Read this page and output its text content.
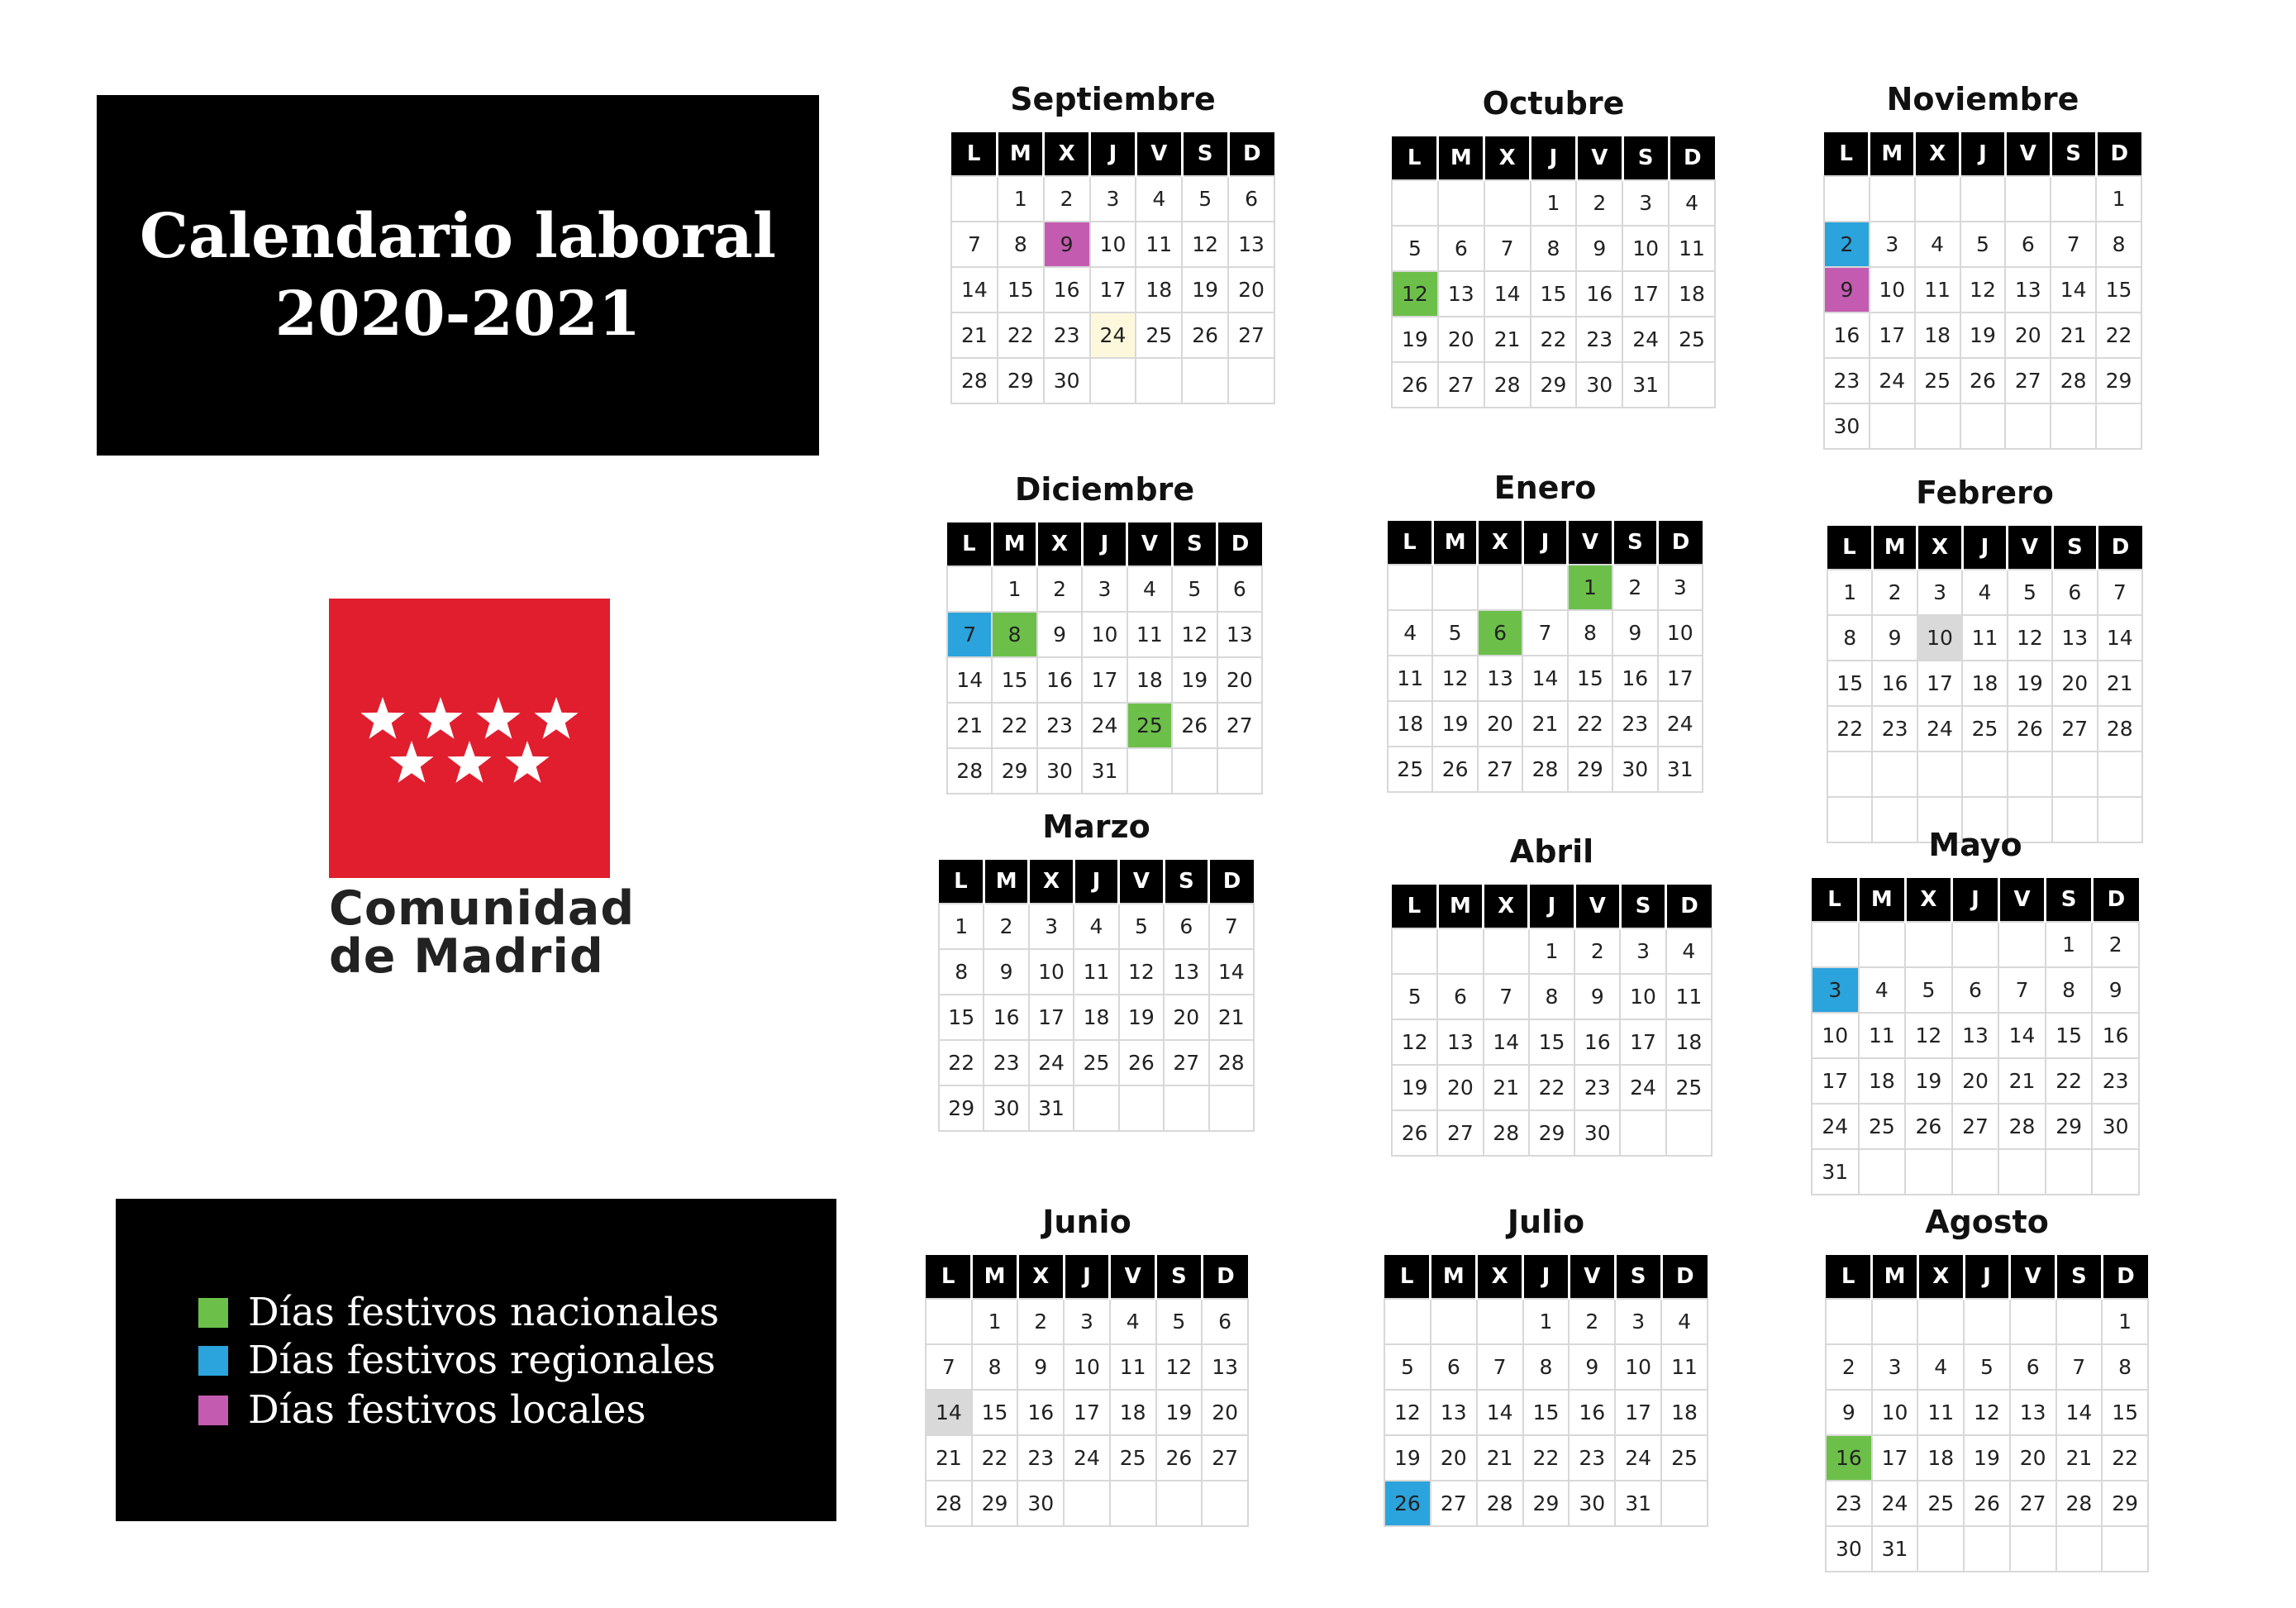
Calendario laboral
2020-2021
Comunidad
de Madrid
Días festivos nacionales
Días festivos regionales
Días festivos locales
Septiembre
L	M	X	J	V	S	D
	1	2	3	4	5	6
7	8	9	10	11	12	13
14	15	16	17	18	19	20
21	22	23	24	25	26	27
28	29	30				
Octubre
L	M	X	J	V	S	D
			1	2	3	4
5	6	7	8	9	10	11
12	13	14	15	16	17	18
19	20	21	22	23	24	25
26	27	28	29	30	31	
Noviembre
L	M	X	J	V	S	D
						1
2	3	4	5	6	7	8
9	10	11	12	13	14	15
16	17	18	19	20	21	22
23	24	25	26	27	28	29
30						
Diciembre
L	M	X	J	V	S	D
	1	2	3	4	5	6
7	8	9	10	11	12	13
14	15	16	17	18	19	20
21	22	23	24	25	26	27
28	29	30	31			
Enero
L	M	X	J	V	S	D
				1	2	3
4	5	6	7	8	9	10
11	12	13	14	15	16	17
18	19	20	21	22	23	24
25	26	27	28	29	30	31
Febrero
L	M	X	J	V	S	D
1	2	3	4	5	6	7
8	9	10	11	12	13	14
15	16	17	18	19	20	21
22	23	24	25	26	27	28

Marzo
L	M	X	J	V	S	D
1	2	3	4	5	6	7
8	9	10	11	12	13	14
15	16	17	18	19	20	21
22	23	24	25	26	27	28
29	30	31				
Abril
L	M	X	J	V	S	D
			1	2	3	4
5	6	7	8	9	10	11
12	13	14	15	16	17	18
19	20	21	22	23	24	25
26	27	28	29	30		
Mayo
L	M	X	J	V	S	D
					1	2
3	4	5	6	7	8	9
10	11	12	13	14	15	16
17	18	19	20	21	22	23
24	25	26	27	28	29	30
31						
Junio
L	M	X	J	V	S	D
	1	2	3	4	5	6
7	8	9	10	11	12	13
14	15	16	17	18	19	20
21	22	23	24	25	26	27
28	29	30				
Julio
L	M	X	J	V	S	D
			1	2	3	4
5	6	7	8	9	10	11
12	13	14	15	16	17	18
19	20	21	22	23	24	25
26	27	28	29	30	31	
Agosto
L	M	X	J	V	S	D
						1
2	3	4	5	6	7	8
9	10	11	12	13	14	15
16	17	18	19	20	21	22
23	24	25	26	27	28	29
30	31					
